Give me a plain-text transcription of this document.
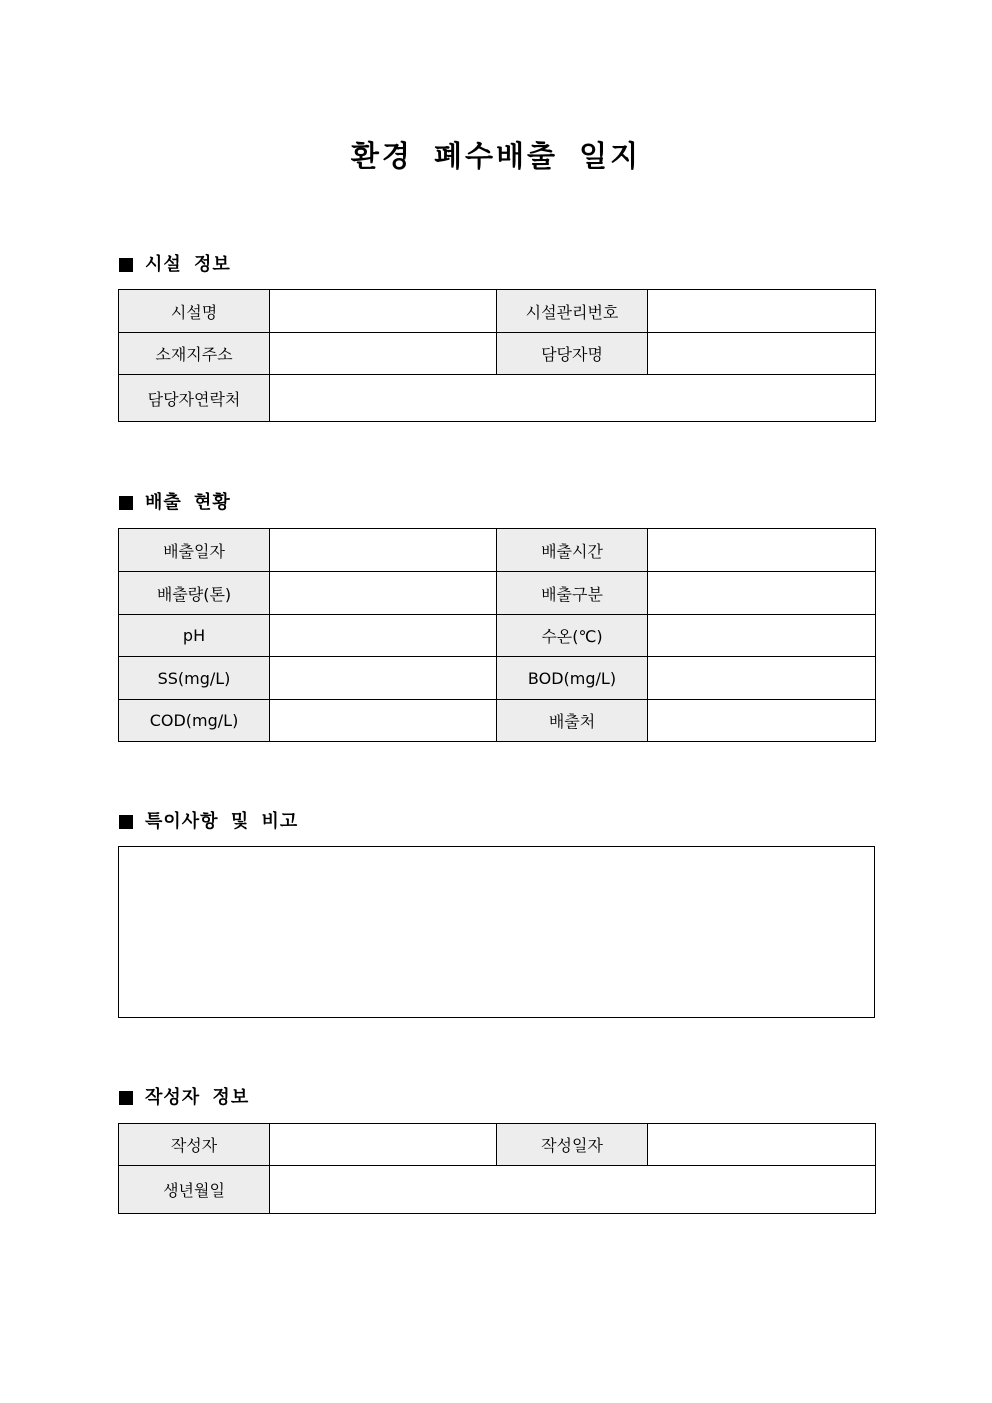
환경 폐수배출 일지
시설 정보
시설명		시설관리번호	
소재지주소		담당자명	
담당자연락처			
배출 현황
배출일자		배출시간	
배출량(톤)		배출구분	
pH		수온(℃)	
SS(mg/L)		BOD(mg/L)	
COD(mg/L)		배출처	
특이사항 및 비고
작성자 정보
작성자		작성일자	
생년월일			
